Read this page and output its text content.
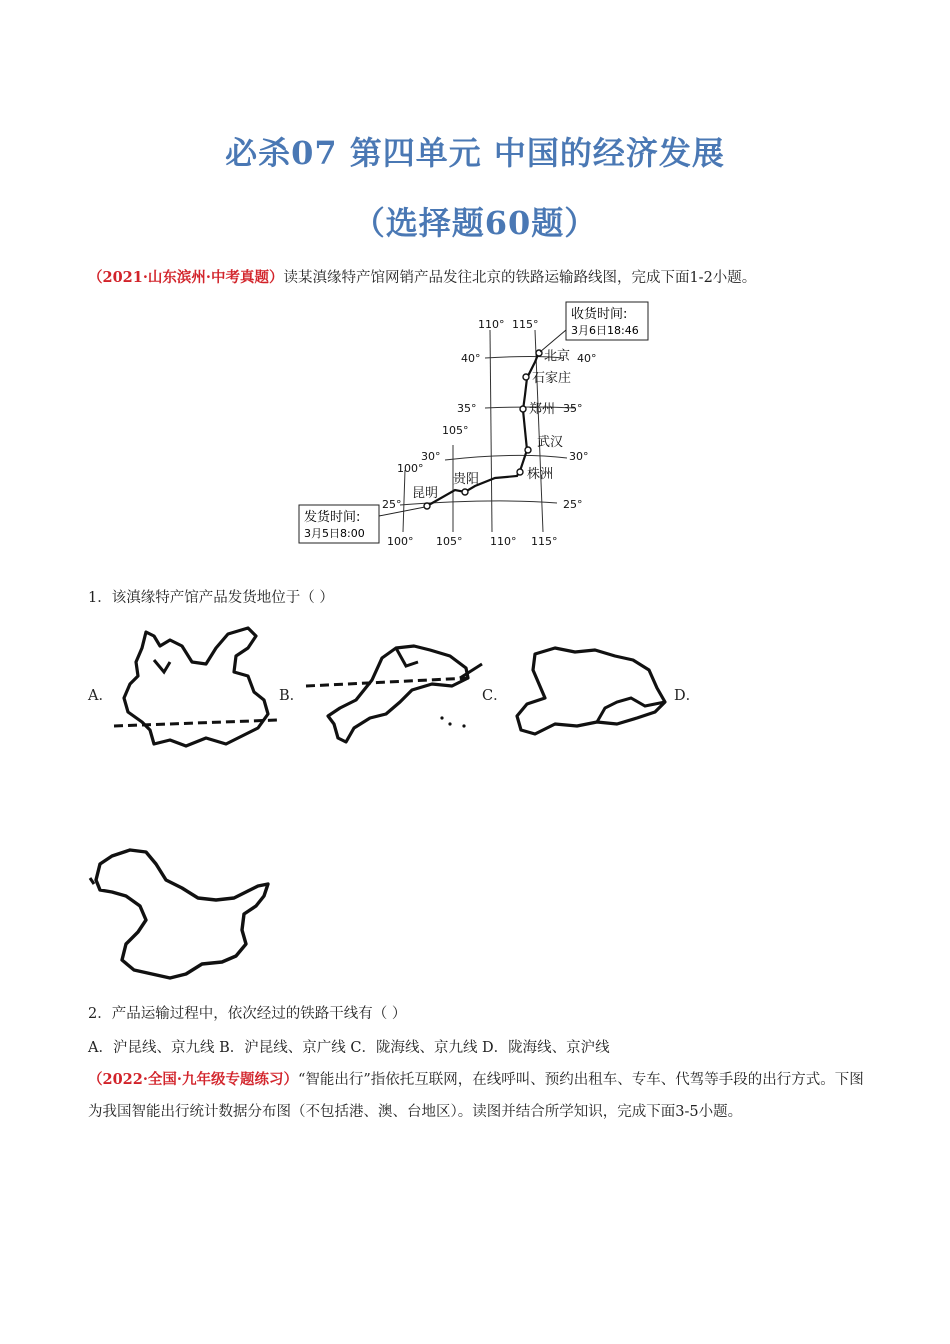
必杀07 第四单元 中国的经济发展
（选择题60题）
（2021·山东滨州·中考真题）读某滇缘特产馆网销产品发往北京的铁路运输路线图，完成下面1-2小题。
收货时间:
3月6日18:46
发货时间:
3月5日8:00
北京
石家庄
郑州
武汉
株洲
贵阳
昆明
40°	40°
35°	35°
30°	30°
25°	25°
110° 115°
105°
100°
100° 105°	110° 115°
1．该滇缘特产馆产品发货地位于（ ）
A．	B．	C．	D．
2．产品运输过程中，依次经过的铁路干线有（ ）
A．沪昆线、京九线 B．沪昆线、京广线 C．陇海线、京九线 D．陇海线、京沪线
（2022·全国·九年级专题练习）“智能出行”指依托互联网，在线呼叫、预约出租车、专车、代驾等手段的出行方式。下图为我国智能出行统计数据分布图（不包括港、澳、台地区）。读图并结合所学知识，完成下面3-5小题。
